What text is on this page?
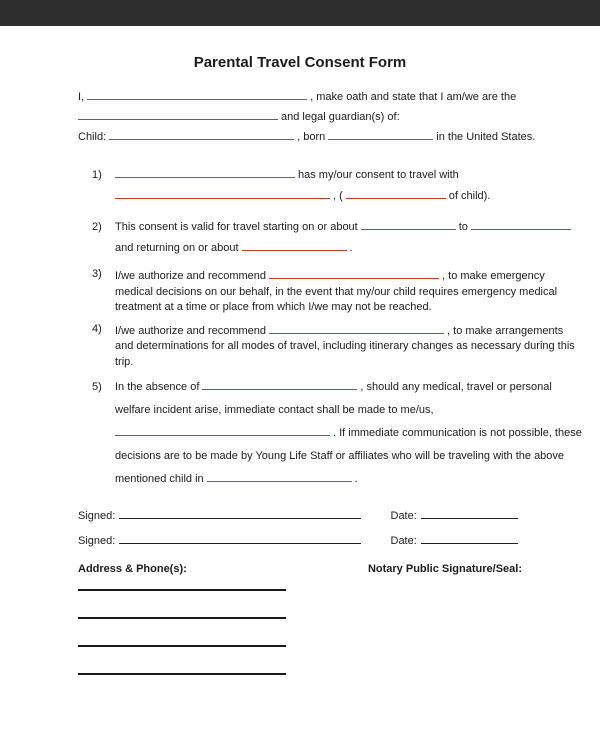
Parental Travel Consent Form
I,	, make oath and state that I am/we are the
and legal guardian(s) of:
Child:	, born	in the United States.
1)	has my/our consent to travel with
, (	of child).
2)	This consent is valid for travel starting on or about	to
and returning on or about	.
3)	I/we authorize and recommend	, to make emergency
medical decisions on our behalf, in the event that my/our child requires emergency medical
treatment at a time or place from which I/we may not be reached.
4)	I/we authorize and recommend	, to make arrangements
and determinations for all modes of travel, including itinerary changes as necessary during this
trip.
5)	In the absence of	, should any medical, travel or personal
welfare incident arise, immediate contact shall be made to me/us,
. If immediate communication is not possible, these
decisions are to be made by Young Life Staff or affiliates who will be traveling with the above
mentioned child in	.
Signed:	Date:
Signed:	Date:
Address & Phone(s):	Notary Public Signature/Seal:
